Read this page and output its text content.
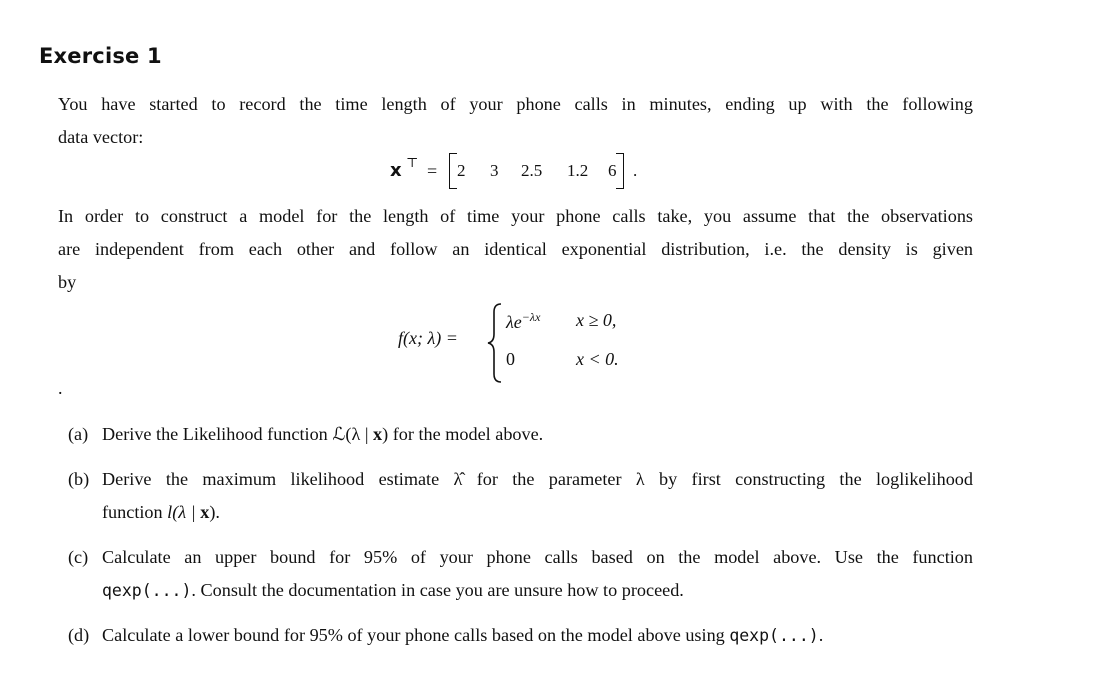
Exercise 1
You have started to record the time length of your phone calls in minutes, ending up with the following
data vector:
x ⊤ = 2 3 2.5 1.2 6 .
In order to construct a model for the length of time your phone calls take, you assume that the observations
are independent from each other and follow an identical exponential distribution, i.e. the density is given
by
f(x; λ) =
$\lambda e^{-\lambda x}$ x ≥ 0,
0	x < 0.
.
(a) Derive the Likelihood function ℒ(λ | x) for the model above.
(b) Derive the maximum likelihood estimate λ̂ for the parameter λ by first constructing the loglikelihood
function l(λ | x).
(c) Calculate an upper bound for 95% of your phone calls based on the model above. Use the function
qexp(...). Consult the documentation in case you are unsure how to proceed.
(d) Calculate a lower bound for 95% of your phone calls based on the model above using qexp(...).
